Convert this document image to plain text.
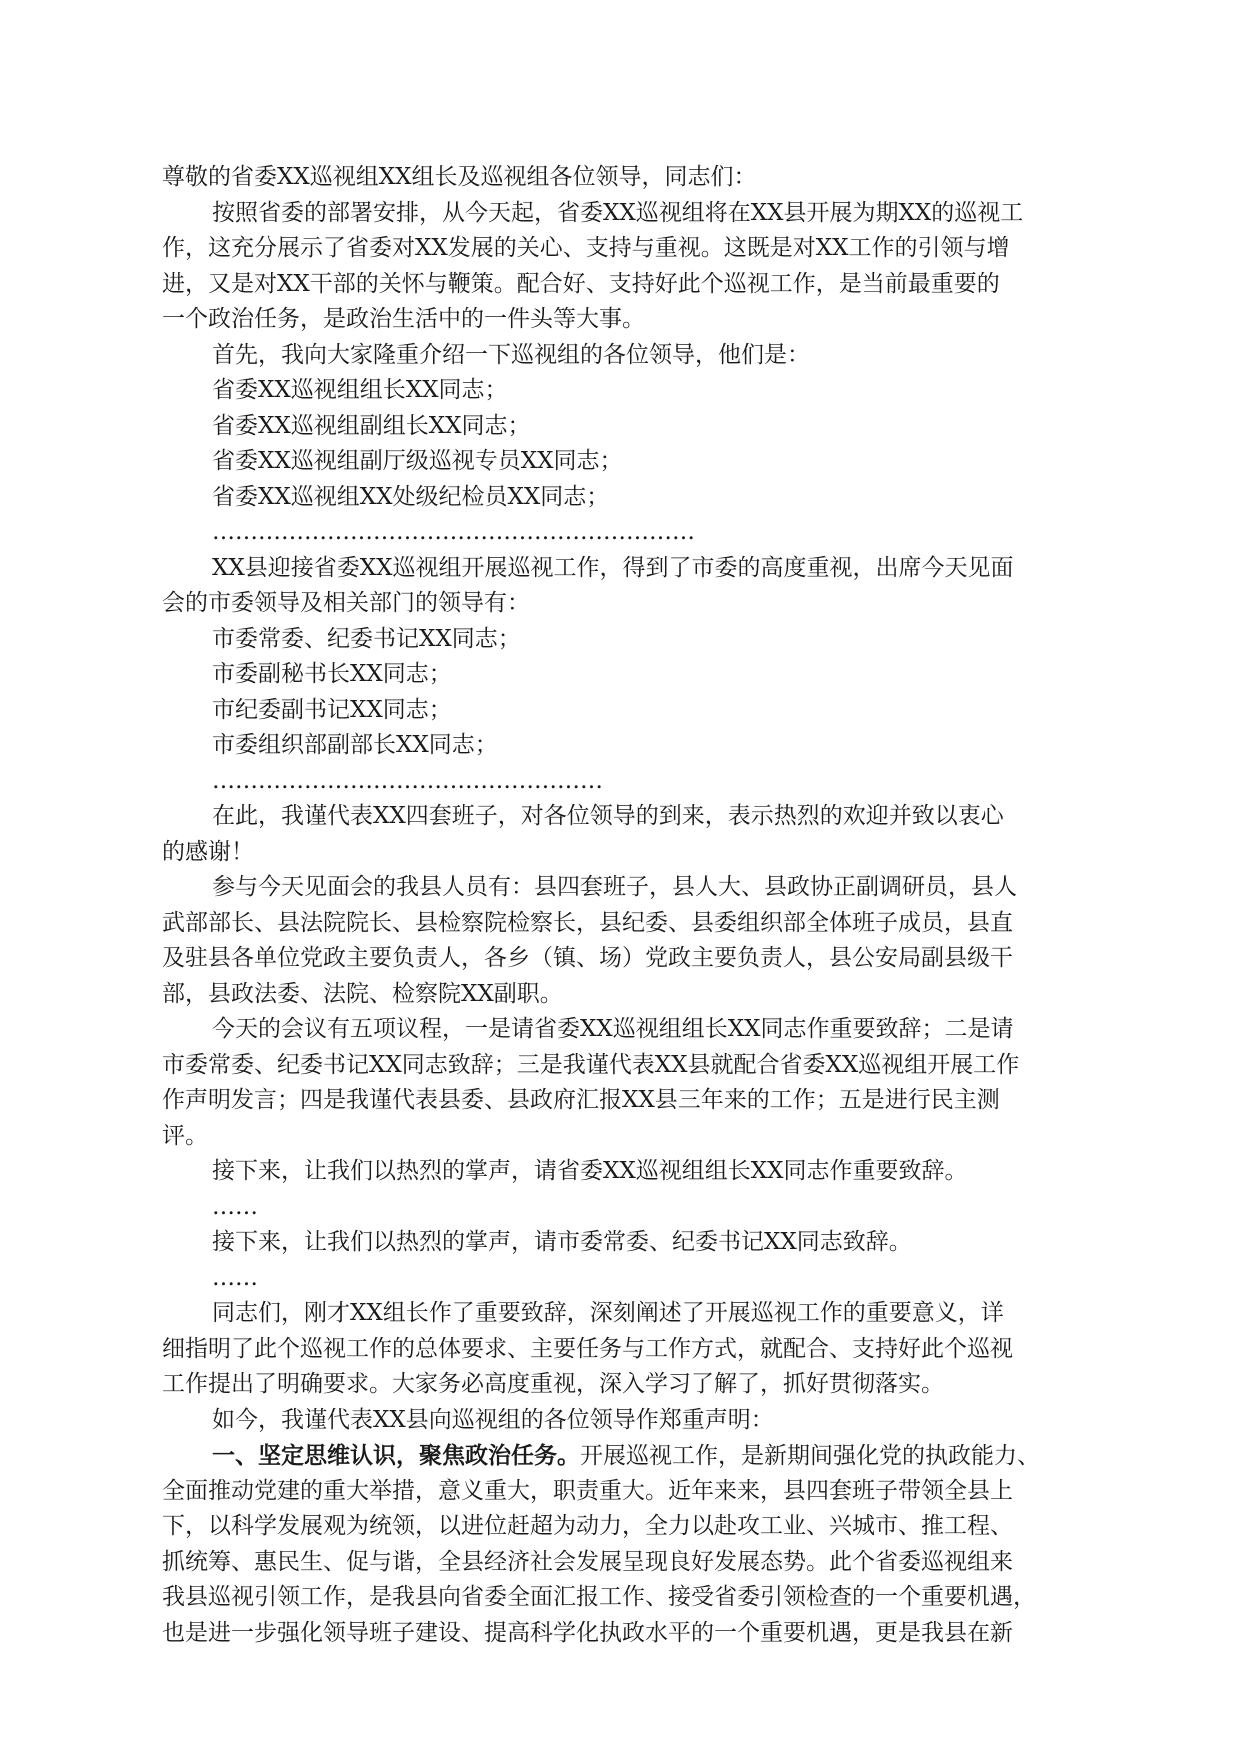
尊敬的省委XX巡视组XX组长及巡视组各位领导，同志们：
按照省委的部署安排，从今天起，省委XX巡视组将在XX县开展为期XX的巡视工
作，这充分展示了省委对XX发展的关心、支持与重视。这既是对XX工作的引领与增
进，又是对XX干部的关怀与鞭策。配合好、支持好此个巡视工作，是当前最重要的
一个政治任务，是政治生活中的一件头等大事。
首先，我向大家隆重介绍一下巡视组的各位领导，他们是：
省委XX巡视组组长XX同志；
省委XX巡视组副组长XX同志；
省委XX巡视组副厅级巡视专员XX同志；
省委XX巡视组XX处级纪检员XX同志；
………………………………………………………
XX县迎接省委XX巡视组开展巡视工作，得到了市委的高度重视，出席今天见面
会的市委领导及相关部门的领导有：
市委常委、纪委书记XX同志；
市委副秘书长XX同志；
市纪委副书记XX同志；
市委组织部副部长XX同志；
……………………………………………
在此，我谨代表XX四套班子，对各位领导的到来，表示热烈的欢迎并致以衷心
的感谢！
参与今天见面会的我县人员有：县四套班子，县人大、县政协正副调研员，县人
武部部长、县法院院长、县检察院检察长，县纪委、县委组织部全体班子成员，县直
及驻县各单位党政主要负责人，各乡（镇、场）党政主要负责人，县公安局副县级干
部，县政法委、法院、检察院XX副职。
今天的会议有五项议程，一是请省委XX巡视组组长XX同志作重要致辞；二是请
市委常委、纪委书记XX同志致辞；三是我谨代表XX县就配合省委XX巡视组开展工作
作声明发言；四是我谨代表县委、县政府汇报XX县三年来的工作；五是进行民主测
评。
接下来，让我们以热烈的掌声，请省委XX巡视组组长XX同志作重要致辞。
……
接下来，让我们以热烈的掌声，请市委常委、纪委书记XX同志致辞。
……
同志们，刚才XX组长作了重要致辞，深刻阐述了开展巡视工作的重要意义，详
细指明了此个巡视工作的总体要求、主要任务与工作方式，就配合、支持好此个巡视
工作提出了明确要求。大家务必高度重视，深入学习了解了，抓好贯彻落实。
如今，我谨代表XX县向巡视组的各位领导作郑重声明：
一、坚定思维认识，聚焦政治任务。开展巡视工作，是新期间强化党的执政能力、
全面推动党建的重大举措，意义重大，职责重大。近年来来，县四套班子带领全县上
下，以科学发展观为统领，以进位赶超为动力，全力以赴攻工业、兴城市、推工程、
抓统筹、惠民生、促与谐，全县经济社会发展呈现良好发展态势。此个省委巡视组来
我县巡视引领工作，是我县向省委全面汇报工作、接受省委引领检查的一个重要机遇，
也是进一步强化领导班子建设、提高科学化执政水平的一个重要机遇，更是我县在新
